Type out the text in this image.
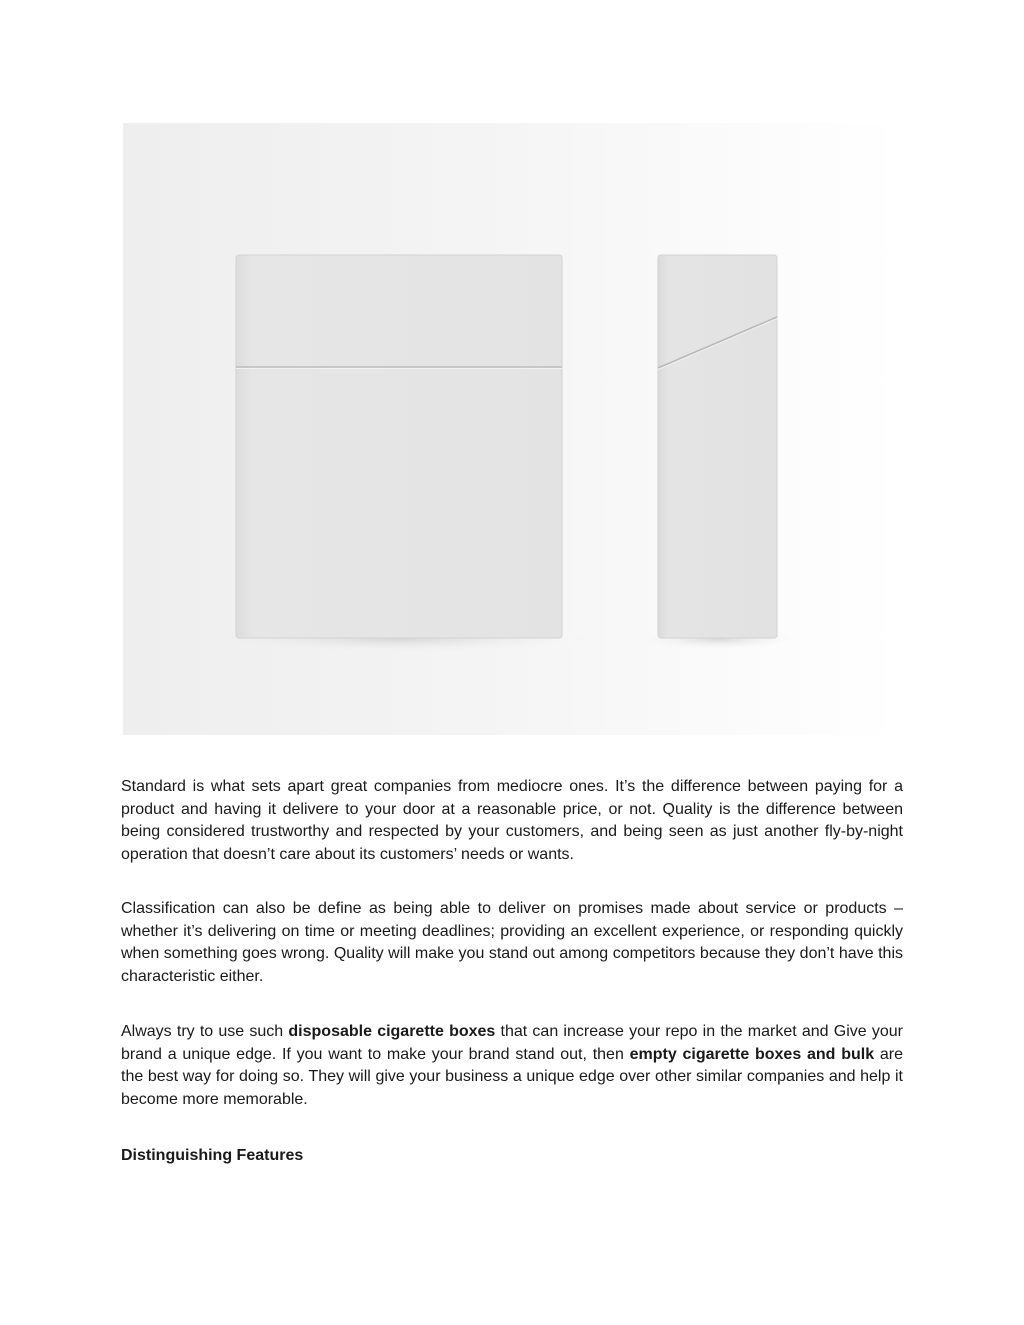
Standard is what sets apart great companies from mediocre ones. It’s the difference between paying for a product and having it delivere to your door at a reasonable price, or not. Quality is the difference between being considered trustworthy and respected by your customers, and being seen as just another fly-by-night operation that doesn’t care about its customers’ needs or wants.

Classification can also be define as being able to deliver on promises made about service or products – whether it’s delivering on time or meeting deadlines; providing an excellent experience, or responding quickly when something goes wrong. Quality will make you stand out among competitors because they don’t have this characteristic either.

Always try to use such disposable cigarette boxes that can increase your repo in the market and Give your brand a unique edge. If you want to make your brand stand out, then empty cigarette boxes and bulk are the best way for doing so. They will give your business a unique edge over other similar companies and help it become more memorable.

Distinguishing Features
